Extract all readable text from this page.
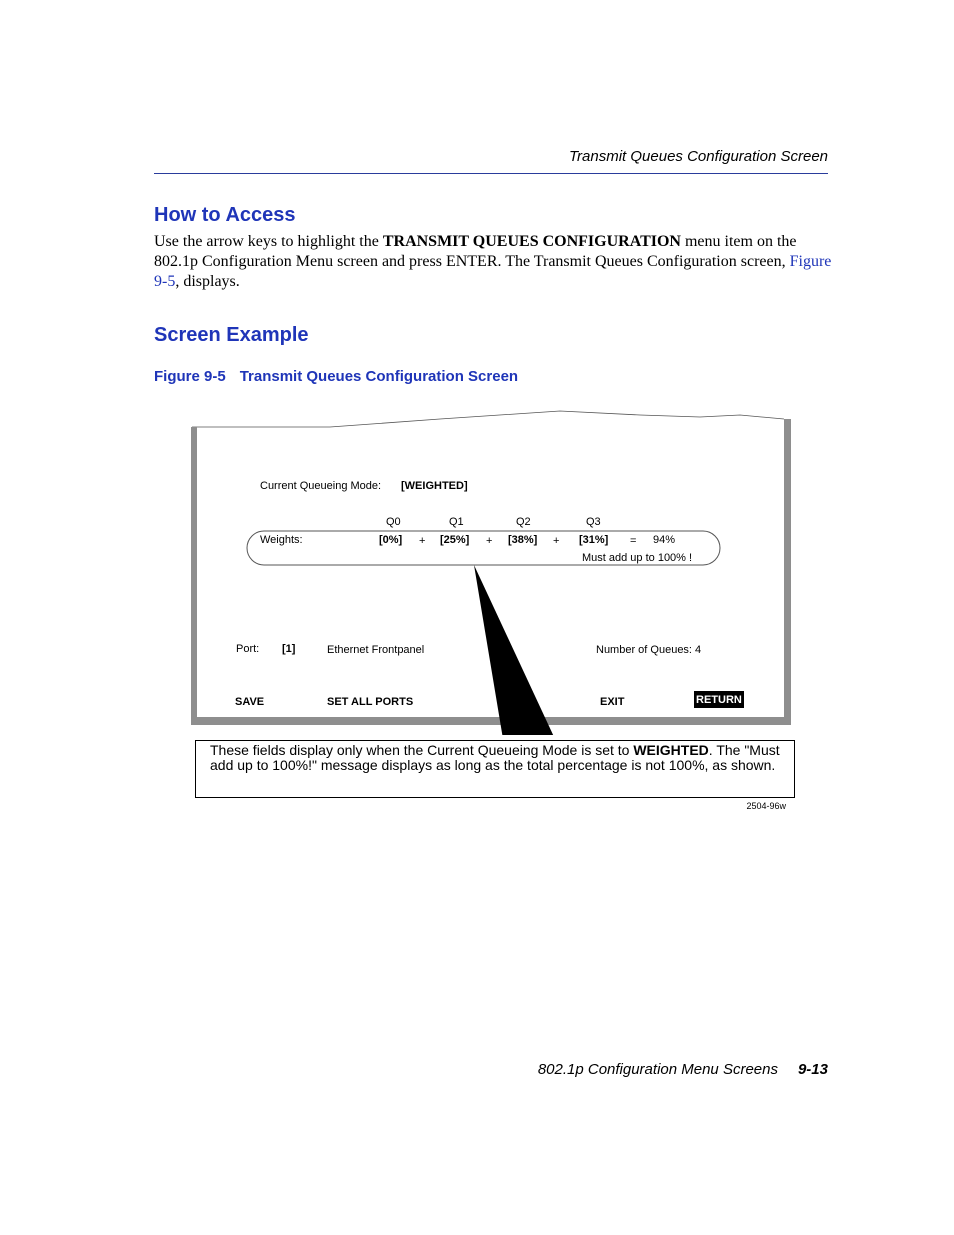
Transmit Queues Configuration Screen
How to Access
Use the arrow keys to highlight the TRANSMIT QUEUES CONFIGURATION menu item on the 802.1p Configuration Menu screen and press ENTER. The Transmit Queues Configuration screen, Figure 9-5, displays.
Screen Example
Figure 9-5 Transmit Queues Configuration Screen
Current Queueing Mode: [WEIGHTED]
Q0	Q1	Q2	Q3
Weights:	[0%] + [25%] + [38%] + [31%] = 94%
Must add up to 100% !
Port: [1]	Ethernet Frontpanel	Number of Queues: 4
SAVE	SET ALL PORTS	EXIT	RETURN
These fields display only when the Current Queueing Mode is set to WEIGHTED. The "Must add up to 100%!" message displays as long as the total percentage is not 100%, as shown.
2504-96w
802.1p Configuration Menu Screens 9-13
